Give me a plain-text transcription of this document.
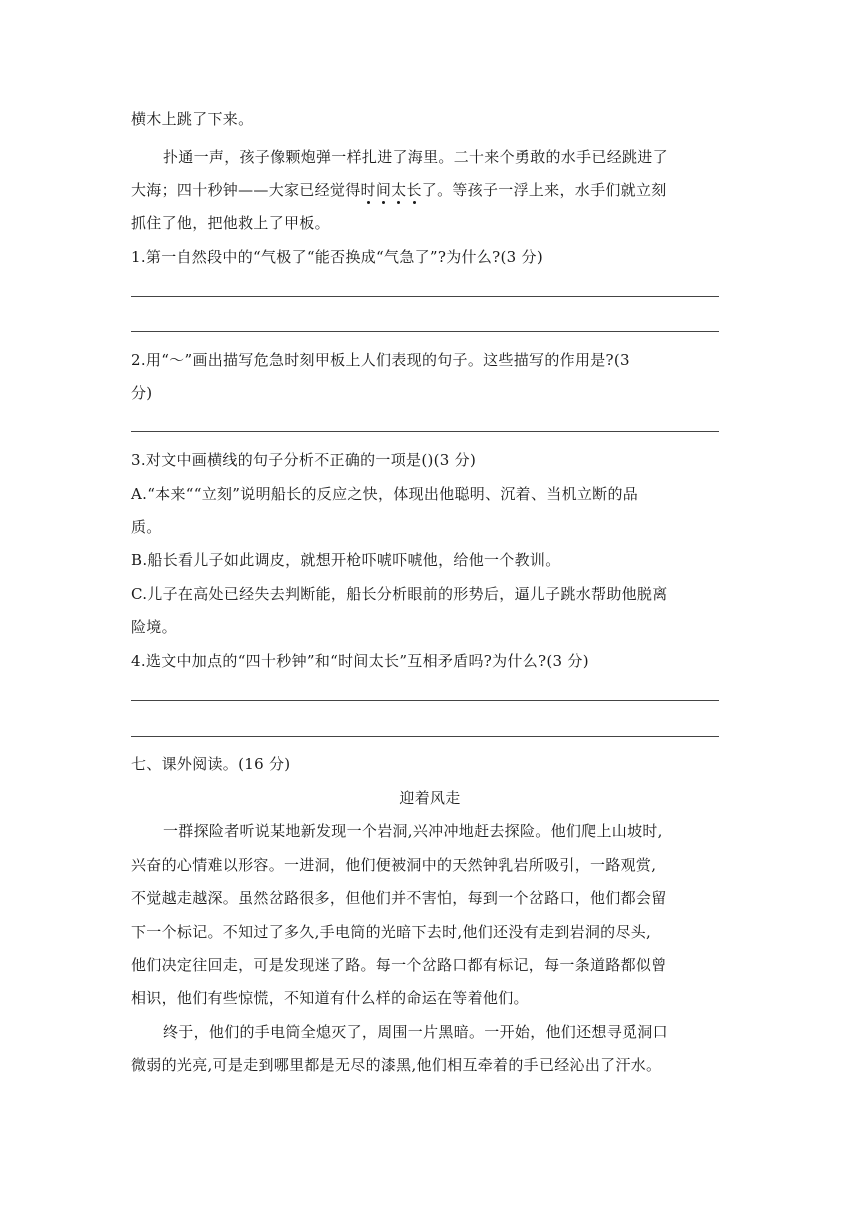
横木上跳了下来。
扑通一声，孩子像颗炮弹一样扎进了海里。二十来个勇敢的水手已经跳进了
大海；四十秒钟——大家已经觉得时间太长了。等孩子一浮上来，水手们就立刻
抓住了他，把他救上了甲板。
1.第一自然段中的“气极了“能否换成“气急了”?为什么?(3 分)
2.用“～”画出描写危急时刻甲板上人们表现的句子。这些描写的作用是?(3
分)
3.对文中画横线的句子分析不正确的一项是()(3 分)
A.“本来““立刻”说明船长的反应之快，体现出他聪明、沉着、当机立断的品
质。
B.船长看儿子如此调皮，就想开枪吓唬吓唬他，给他一个教训。
C.儿子在高处已经失去判断能，船长分析眼前的形势后，逼儿子跳水帮助他脱离
险境。
4.选文中加点的“四十秒钟”和“时间太长”互相矛盾吗?为什么?(3 分)
七、课外阅读。(16 分)
迎着风走
一群探险者听说某地新发现一个岩洞,兴冲冲地赶去探险。他们爬上山坡时,
兴奋的心情难以形容。一进洞，他们便被洞中的天然钟乳岩所吸引，一路观赏,
不觉越走越深。虽然岔路很多，但他们并不害怕，每到一个岔路口，他们都会留
下一个标记。不知过了多久,手电筒的光暗下去时,他们还没有走到岩洞的尽头,
他们决定往回走，可是发现迷了路。每一个岔路口都有标记，每一条道路都似曾
相识，他们有些惊慌，不知道有什么样的命运在等着他们。
终于，他们的手电筒全熄灭了，周围一片黑暗。一开始，他们还想寻觅洞口
微弱的光亮,可是走到哪里都是无尽的漆黑,他们相互牵着的手已经沁出了汗水。
